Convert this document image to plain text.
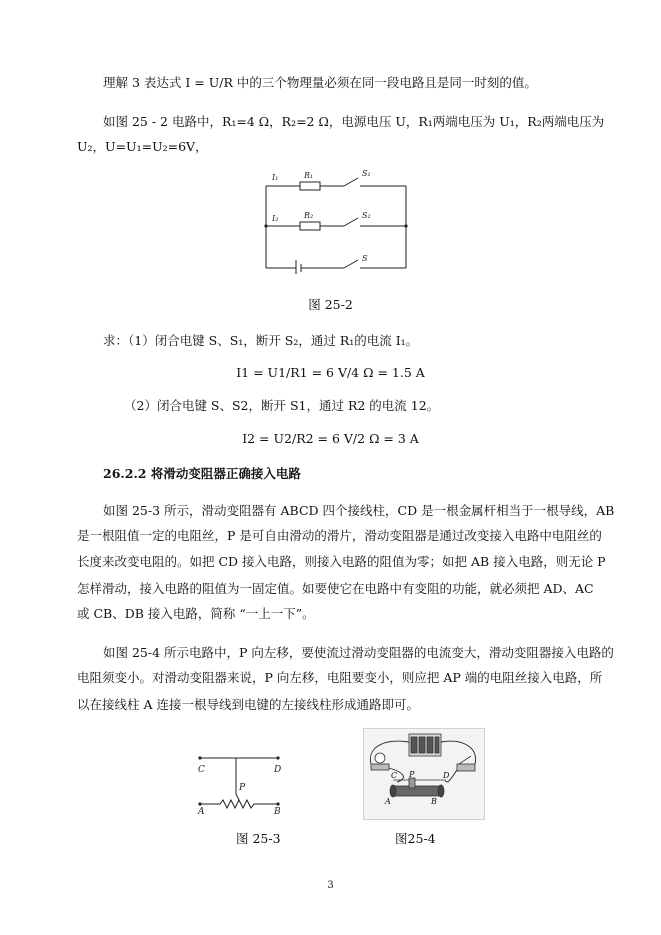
理解 3 表达式 I = U/R 中的三个物理量必须在同一段电路且是同一时刻的值。
如图 25 - 2 电路中，R₁=4 Ω，R₂=2 Ω，电源电压 U，R₁两端电压为 U₁，R₂两端电压为
U₂，U=U₁=U₂=6V，
I₁	R₁	S₁
I₂	R₂	S₂
S
图 25-2
求：（1）闭合电键 S、S₁，断开 S₂，通过 R₁的电流 I₁。
I1 = U1/R1 = 6 V/4 Ω = 1.5 A
（2）闭合电键 S、S2，断开 S1，通过 R2 的电流 12。
I2 = U2/R2 = 6 V/2 Ω = 3 A
26.2.2 将滑动变阻器正确接入电路
如图 25-3 所示，滑动变阻器有 ABCD 四个接线柱，CD 是一根金属杆相当于一根导线，AB
是一根阻值一定的电阻丝，P 是可自由滑动的滑片，滑动变阻器是通过改变接入电路中电阻丝的
长度来改变电阻的。如把 CD 接入电路，则接入电路的阻值为零；如把 AB 接入电路，则无论 P
怎样滑动，接入电路的阻值为一固定值。如要使它在电路中有变阻的功能，就必须把 AD、AC
或 CB、DB 接入电路，简称 “一上一下”。
如图 25-4 所示电路中，P 向左移，要使流过滑动变阻器的电流变大，滑动变阻器接入电路的
电阻须变小。对滑动变阻器来说，P 向左移，电阻要变小，则应把 AP 端的电阻丝接入电路，所
以在接线柱 A 连接一根导线到电键的左接线柱形成通路即可。
C	D
A	B
P
C P	D
A	B
图 25-3	图25-4
3
